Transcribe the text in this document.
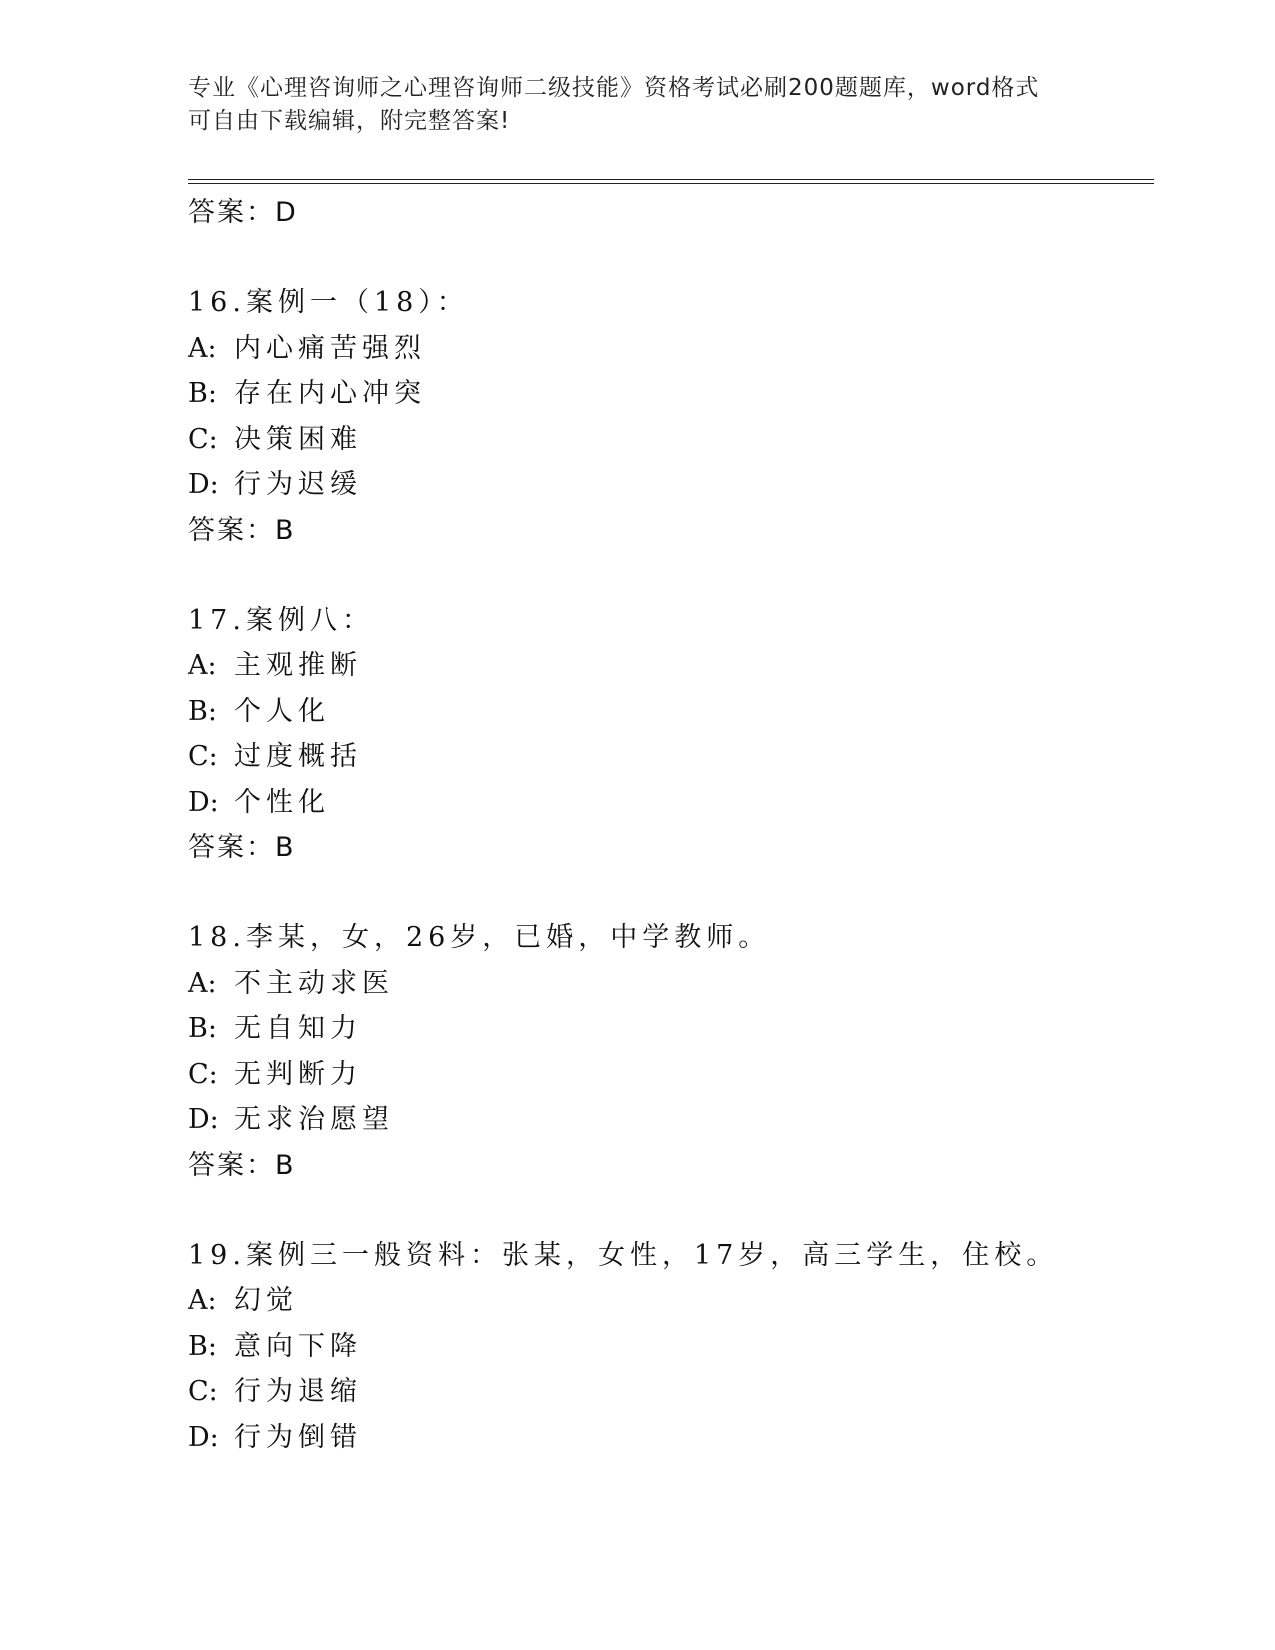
专业《心理咨询师之心理咨询师二级技能》资格考试必刷200题题库，word格式
可自由下载编辑，附完整答案!
答案：D
16.案例一（18）：
A: 内心痛苦强烈
B: 存在内心冲突
C: 决策困难
D: 行为迟缓
答案：B
17.案例八：
A: 主观推断
B: 个人化
C: 过度概括
D: 个性化
答案：B
18.李某，女，26岁，已婚，中学教师。
A: 不主动求医
B: 无自知力
C: 无判断力
D: 无求治愿望
答案：B
19.案例三一般资料：张某，女性，17岁，高三学生，住校。
A: 幻觉
B: 意向下降
C: 行为退缩
D: 行为倒错
